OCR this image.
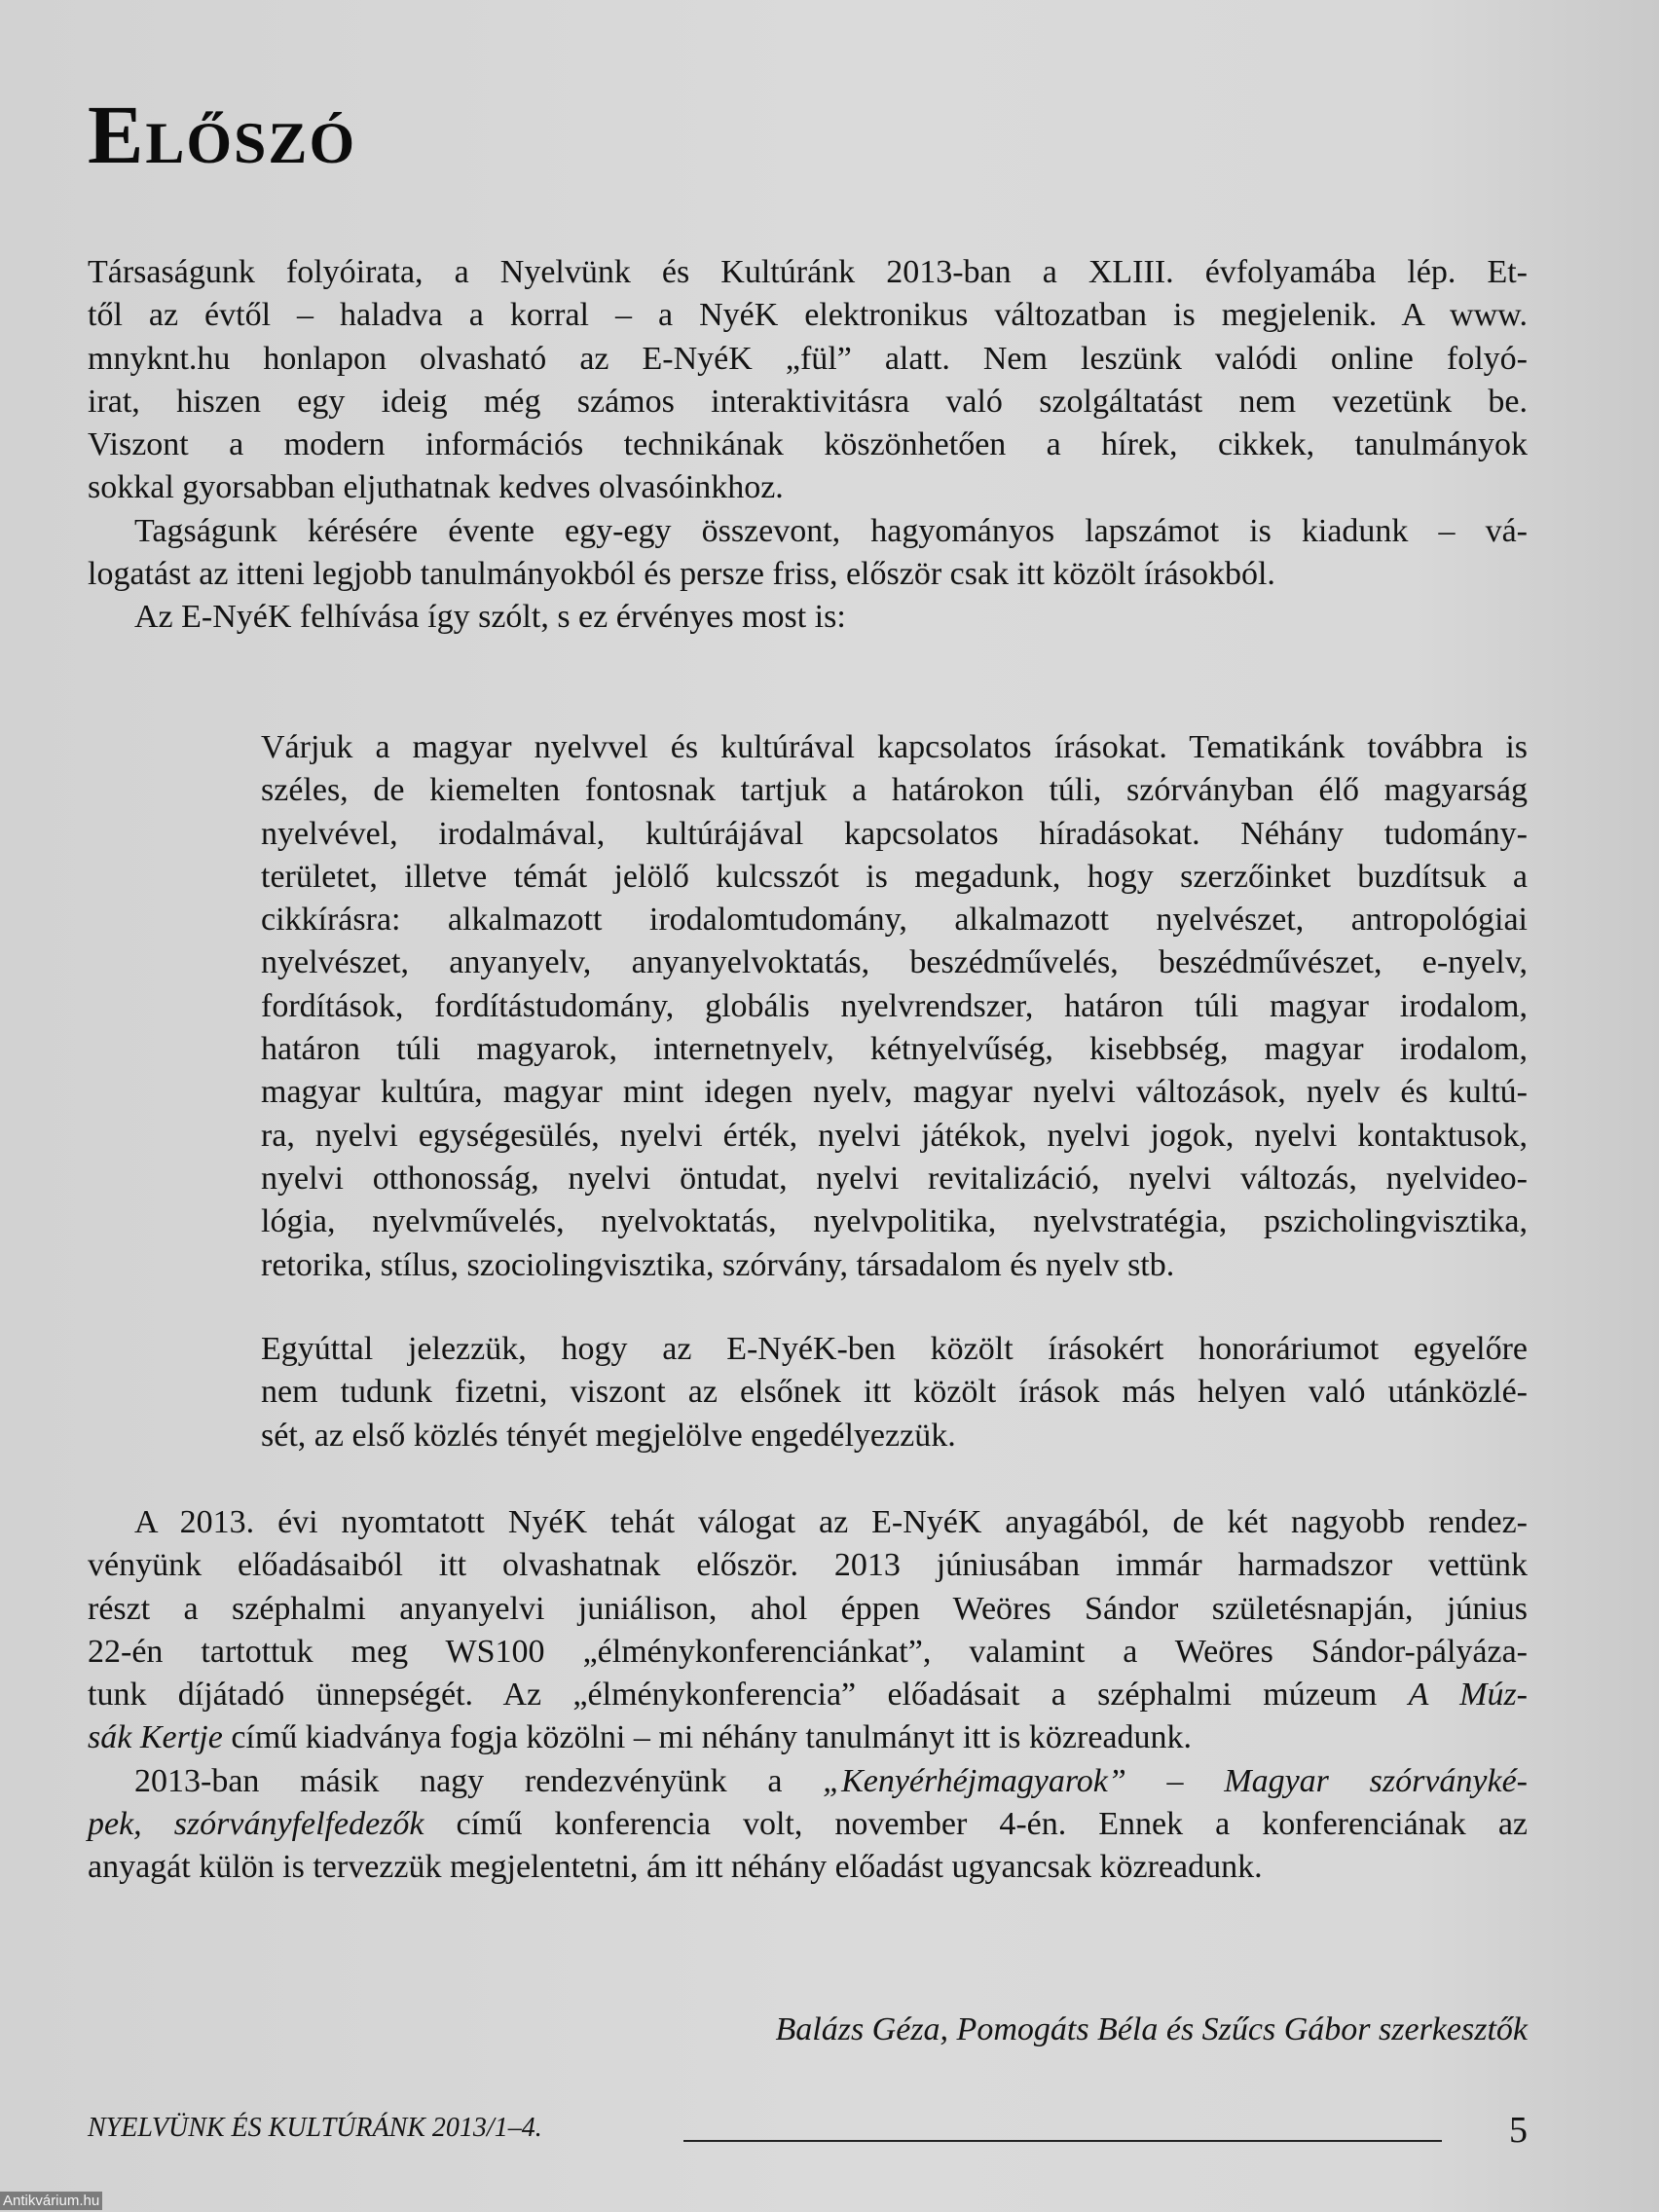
Előszó
Társaságunk folyóirata, a Nyelvünk és Kultúránk 2013-ban a XLIII. évfolyamába lép. Et-
től az évtől – haladva a korral – a NyéK elektronikus változatban is megjelenik. A www.
mnyknt.hu honlapon olvasható az E-NyéK „fül” alatt. Nem leszünk valódi online folyó-
irat, hiszen egy ideig még számos interaktivitásra való szolgáltatást nem vezetünk be.
Viszont a modern információs technikának köszönhetően a hírek, cikkek, tanulmányok
sokkal gyorsabban eljuthatnak kedves olvasóinkhoz.
Tagságunk kérésére évente egy-egy összevont, hagyományos lapszámot is kiadunk – vá-
logatást az itteni legjobb tanulmányokból és persze friss, először csak itt közölt írásokból.
Az E-NyéK felhívása így szólt, s ez érvényes most is:
Várjuk a magyar nyelvvel és kultúrával kapcsolatos írásokat. Tematikánk továbbra is
széles, de kiemelten fontosnak tartjuk a határokon túli, szórványban élő magyarság
nyelvével, irodalmával, kultúrájával kapcsolatos híradásokat. Néhány tudomány-
területet, illetve témát jelölő kulcsszót is megadunk, hogy szerzőinket buzdítsuk a
cikkírásra: alkalmazott irodalomtudomány, alkalmazott nyelvészet, antropológiai
nyelvészet, anyanyelv, anyanyelvoktatás, beszédművelés, beszédművészet, e-nyelv,
fordítások, fordítástudomány, globális nyelvrendszer, határon túli magyar irodalom,
határon túli magyarok, internetnyelv, kétnyelvűség, kisebbség, magyar irodalom,
magyar kultúra, magyar mint idegen nyelv, magyar nyelvi változások, nyelv és kultú-
ra, nyelvi egységesülés, nyelvi érték, nyelvi játékok, nyelvi jogok, nyelvi kontaktusok,
nyelvi otthonosság, nyelvi öntudat, nyelvi revitalizáció, nyelvi változás, nyelvideo-
lógia, nyelvművelés, nyelvoktatás, nyelvpolitika, nyelvstratégia, pszicholingvisztika,
retorika, stílus, szociolingvisztika, szórvány, társadalom és nyelv stb.
Egyúttal jelezzük, hogy az E-NyéK-ben közölt írásokért honoráriumot egyelőre
nem tudunk fizetni, viszont az elsőnek itt közölt írások más helyen való utánközlé-
sét, az első közlés tényét megjelölve engedélyezzük.
A 2013. évi nyomtatott NyéK tehát válogat az E-NyéK anyagából, de két nagyobb rendez-
vényünk előadásaiból itt olvashatnak először. 2013 júniusában immár harmadszor vettünk
részt a széphalmi anyanyelvi juniálison, ahol éppen Weöres Sándor születésnapján, június
22-én tartottuk meg WS100 „élménykonferenciánkat”, valamint a Weöres Sándor-pályáza-
tunk díjátadó ünnepségét. Az „élménykonferencia” előadásait a széphalmi múzeum A Múz-
sák Kertje című kiadványa fogja közölni – mi néhány tanulmányt itt is közreadunk.
2013-ban másik nagy rendezvényünk a „Kenyérhéjmagyarok” – Magyar szórványké-
pek, szórványfelfedezők című konferencia volt, november 4-én. Ennek a konferenciának az
anyagát külön is tervezzük megjelentetni, ám itt néhány előadást ugyancsak közreadunk.
Balázs Géza, Pomogáts Béla és Szűcs Gábor szerkesztők
NYELVÜNK ÉS KULTÚRÁNK 2013/1–4.	5
Antikvárium.hu
